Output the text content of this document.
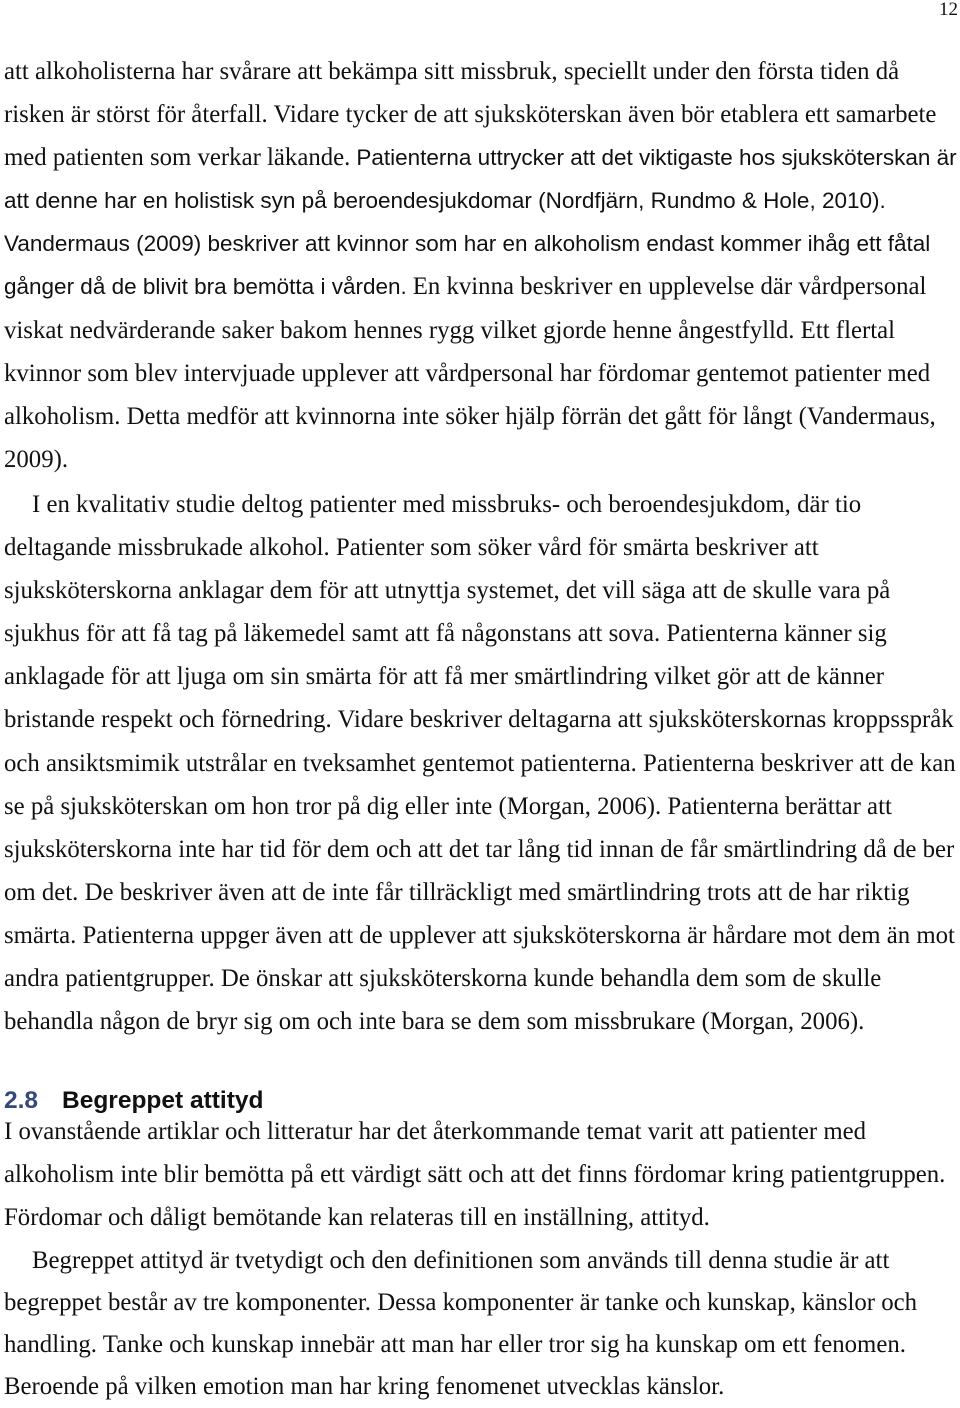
12
att alkoholisterna har svårare att bekämpa sitt missbruk, speciellt under den första tiden då
risken är störst för återfall. Vidare tycker de att sjuksköterskan även bör etablera ett samarbete
med patienten som verkar läkande. Patienterna uttrycker att det viktigaste hos sjuksköterskan är
att denne har en holistisk syn på beroendesjukdomar (Nordfjärn, Rundmo & Hole, 2010).
Vandermaus (2009) beskriver att kvinnor som har en alkoholism endast kommer ihåg ett fåtal
gånger då de blivit bra bemötta i vården. En kvinna beskriver en upplevelse där vårdpersonal
viskat nedvärderande saker bakom hennes rygg vilket gjorde henne ångestfylld. Ett flertal
kvinnor som blev intervjuade upplever att vårdpersonal har fördomar gentemot patienter med
alkoholism. Detta medför att kvinnorna inte söker hjälp förrän det gått för långt (Vandermaus,
2009).
I en kvalitativ studie deltog patienter med missbruks- och beroendesjukdom, där tio
deltagande missbrukade alkohol. Patienter som söker vård för smärta beskriver att
sjuksköterskorna anklagar dem för att utnyttja systemet, det vill säga att de skulle vara på
sjukhus för att få tag på läkemedel samt att få någonstans att sova. Patienterna känner sig
anklagade för att ljuga om sin smärta för att få mer smärtlindring vilket gör att de känner
bristande respekt och förnedring. Vidare beskriver deltagarna att sjuksköterskornas kroppsspråk
och ansiktsmimik utstrålar en tveksamhet gentemot patienterna. Patienterna beskriver att de kan
se på sjuksköterskan om hon tror på dig eller inte (Morgan, 2006). Patienterna berättar att
sjuksköterskorna inte har tid för dem och att det tar lång tid innan de får smärtlindring då de ber
om det. De beskriver även att de inte får tillräckligt med smärtlindring trots att de har riktig
smärta. Patienterna uppger även att de upplever att sjuksköterskorna är hårdare mot dem än mot
andra patientgrupper. De önskar att sjuksköterskorna kunde behandla dem som de skulle
behandla någon de bryr sig om och inte bara se dem som missbrukare (Morgan, 2006).
2.8 Begreppet attityd
I ovanstående artiklar och litteratur har det återkommande temat varit att patienter med
alkoholism inte blir bemötta på ett värdigt sätt och att det finns fördomar kring patientgruppen.
Fördomar och dåligt bemötande kan relateras till en inställning, attityd.
Begreppet attityd är tvetydigt och den definitionen som används till denna studie är att
begreppet består av tre komponenter. Dessa komponenter är tanke och kunskap, känslor och
handling. Tanke och kunskap innebär att man har eller tror sig ha kunskap om ett fenomen.
Beroende på vilken emotion man har kring fenomenet utvecklas känslor.
